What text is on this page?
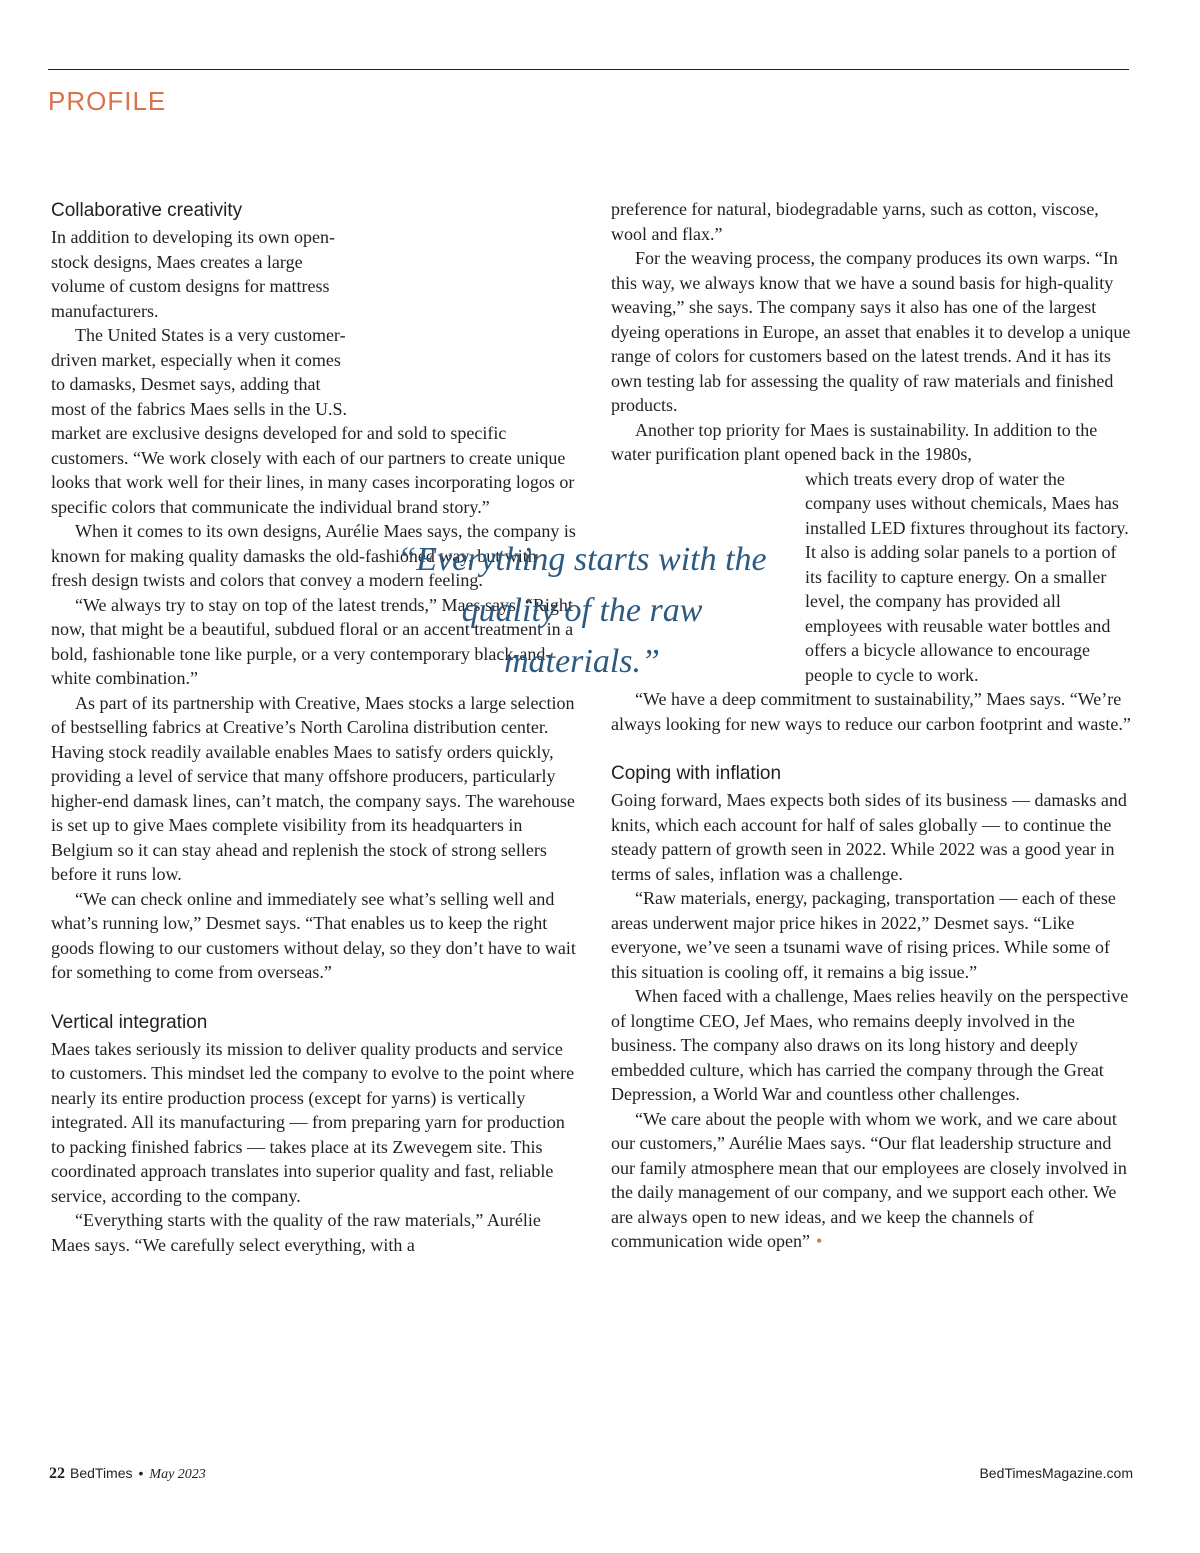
PROFILE
Collaborative creativity

In addition to developing its own open-stock designs, Maes creates a large volume of custom designs for mattress manufacturers.

The United States is a very customer-driven market, especially when it comes to damasks, Desmet says, adding that most of the fabrics Maes sells in the U.S. market are exclusive designs developed for and sold to specific customers. “We work closely with each of our partners to create unique looks that work well for their lines, in many cases incorporating logos or specific colors that communicate the individual brand story.”

When it comes to its own designs, Aurélie Maes says, the company is known for making quality damasks the old-fashioned way, but with fresh design twists and colors that convey a modern feeling.

“We always try to stay on top of the latest trends,” Maes says. “Right now, that might be a beautiful, subdued floral or an accent treatment in a bold, fashionable tone like purple, or a very contemporary black-and-white combination.”

As part of its partnership with Creative, Maes stocks a large selection of bestselling fabrics at Creative’s North Carolina distribution center. Having stock readily available enables Maes to satisfy orders quickly, providing a level of service that many offshore producers, particularly higher-end damask lines, can’t match, the company says. The warehouse is set up to give Maes complete visibility from its headquarters in Belgium so it can stay ahead and replenish the stock of strong sellers before it runs low.

“We can check online and immediately see what’s selling well and what’s running low,” Desmet says. “That enables us to keep the right goods flowing to our customers without delay, so they don’t have to wait for something to come from overseas.”

Vertical integration

Maes takes seriously its mission to deliver quality products and service to customers. This mindset led the company to evolve to the point where nearly its entire production process (except for yarns) is vertically integrated. All its manufacturing — from preparing yarn for production to packing finished fabrics — takes place at its Zwevegem site. This coordinated approach translates into superior quality and fast, reliable service, according to the company.

“Everything starts with the quality of the raw materials,” Aurélie Maes says. “We carefully select everything, with a

“Everything starts with the quality of the raw materials.”

preference for natural, biodegradable yarns, such as cotton, viscose, wool and flax.”

For the weaving process, the company produces its own warps. “In this way, we always know that we have a sound basis for high-quality weaving,” she says. The company says it also has one of the largest dyeing operations in Europe, an asset that enables it to develop a unique range of colors for customers based on the latest trends. And it has its own testing lab for assessing the quality of raw materials and finished products.

Another top priority for Maes is sustainability. In addition to the water purification plant opened back in the 1980s,

which treats every drop of water the company uses without chemicals, Maes has installed LED fixtures throughout its factory. It also is adding solar panels to a portion of its facility to capture energy. On a smaller level, the company has provided all employees with reusable water bottles and offers a bicycle allowance to encourage people to cycle to work.

“We have a deep commitment to sustainability,” Maes says. “We’re always looking for new ways to reduce our carbon footprint and waste.”

Coping with inflation

Going forward, Maes expects both sides of its business — damasks and knits, which each account for half of sales globally — to continue the steady pattern of growth seen in 2022. While 2022 was a good year in terms of sales, inflation was a challenge.

“Raw materials, energy, packaging, transportation — each of these areas underwent major price hikes in 2022,” Desmet says. “Like everyone, we’ve seen a tsunami wave of rising prices. While some of this situation is cooling off, it remains a big issue.”

When faced with a challenge, Maes relies heavily on the perspective of longtime CEO, Jef Maes, who remains deeply involved in the business. The company also draws on its long history and deeply embedded culture, which has carried the company through the Great Depression, a World War and countless other challenges.

“We care about the people with whom we work, and we care about our customers,” Aurélie Maes says. “Our flat leadership structure and our family atmosphere mean that our employees are closely involved in the daily management of our company, and we support each other. We are always open to new ideas, and we keep the channels of communication wide open” •

22 BedTimes • May 2023	BedTimesMagazine.com
